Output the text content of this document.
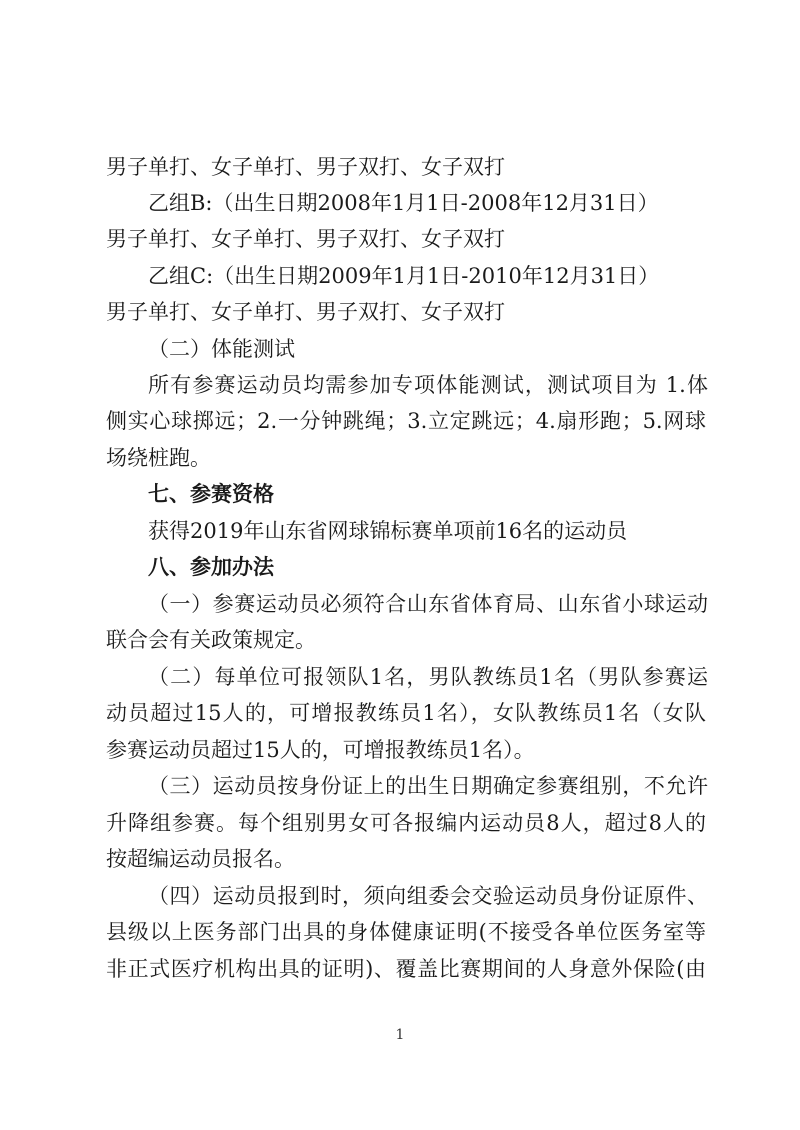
男子单打、女子单打、男子双打、女子双打
乙组B:（出生日期2008年1月1日-2008年12月31日）
男子单打、女子单打、男子双打、女子双打
乙组C:（出生日期2009年1月1日-2010年12月31日）
男子单打、女子单打、男子双打、女子双打
（二）体能测试
所有参赛运动员均需参加专项体能测试，测试项目为 1.体
侧实心球掷远；2.一分钟跳绳；3.立定跳远；4.扇形跑；5.网球
场绕桩跑。
七、参赛资格
获得2019年山东省网球锦标赛单项前16名的运动员
八、参加办法
（一）参赛运动员必须符合山东省体育局、山东省小球运动
联合会有关政策规定。
（二）每单位可报领队1名，男队教练员1名（男队参赛运
动员超过15人的，可增报教练员1名），女队教练员1名（女队
参赛运动员超过15人的，可增报教练员1名）。
（三）运动员按身份证上的出生日期确定参赛组别，不允许
升降组参赛。每个组别男女可各报编内运动员8人，超过8人的
按超编运动员报名。
（四）运动员报到时，须向组委会交验运动员身份证原件、
县级以上医务部门出具的身体健康证明(不接受各单位医务室等
非正式医疗机构出具的证明)、覆盖比赛期间的人身意外保险(由
1
